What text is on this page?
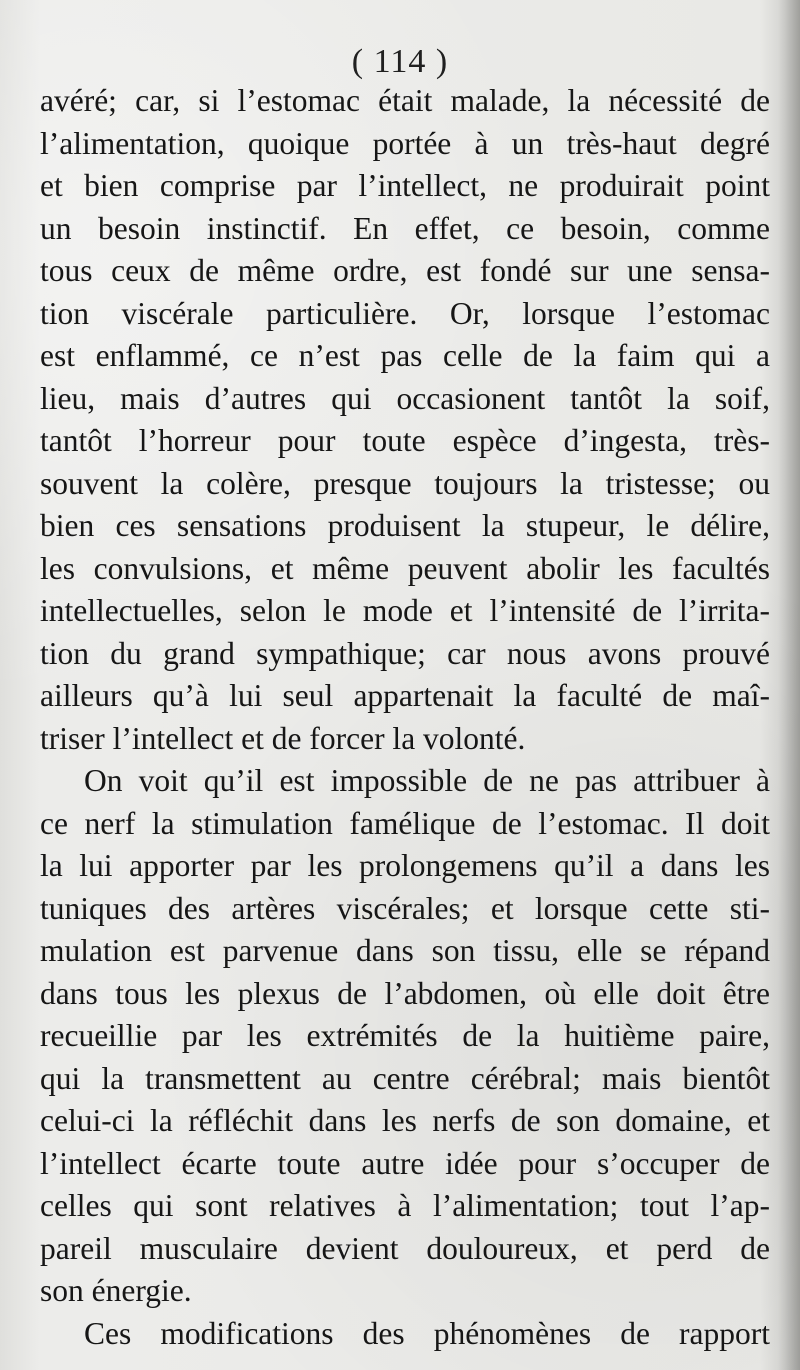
( 114 )
avéré; car, si l’estomac était malade, la nécessité de
l’alimentation, quoique portée à un très-haut degré
et bien comprise par l’intellect, ne produirait point
un besoin instinctif. En effet, ce besoin, comme
tous ceux de même ordre, est fondé sur une sensa-
tion viscérale particulière. Or, lorsque l’estomac
est enflammé, ce n’est pas celle de la faim qui a
lieu, mais d’autres qui occasionent tantôt la soif,
tantôt l’horreur pour toute espèce d’ingesta, très-
souvent la colère, presque toujours la tristesse; ou
bien ces sensations produisent la stupeur, le délire,
les convulsions, et même peuvent abolir les facultés
intellectuelles, selon le mode et l’intensité de l’irrita-
tion du grand sympathique; car nous avons prouvé
ailleurs qu’à lui seul appartenait la faculté de maî-
triser l’intellect et de forcer la volonté.
On voit qu’il est impossible de ne pas attribuer à
ce nerf la stimulation famélique de l’estomac. Il doit
la lui apporter par les prolongemens qu’il a dans les
tuniques des artères viscérales; et lorsque cette sti-
mulation est parvenue dans son tissu, elle se répand
dans tous les plexus de l’abdomen, où elle doit être
recueillie par les extrémités de la huitième paire,
qui la transmettent au centre cérébral; mais bientôt
celui-ci la réfléchit dans les nerfs de son domaine, et
l’intellect écarte toute autre idée pour s’occuper de
celles qui sont relatives à l’alimentation; tout l’ap-
pareil musculaire devient douloureux, et perd de
son énergie.
Ces modifications des phénomènes de rapport
